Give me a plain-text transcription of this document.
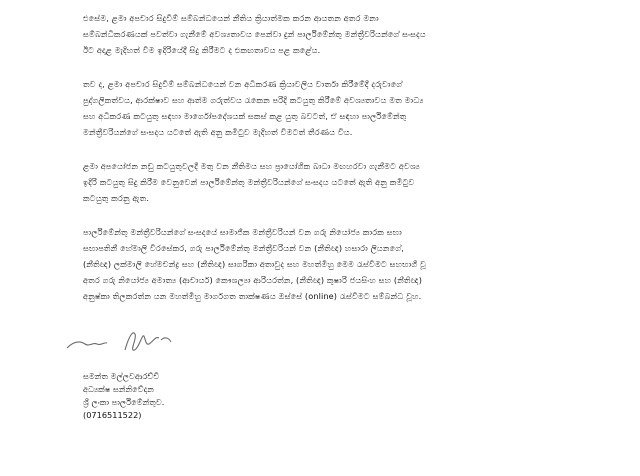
එසේම, ළමා අපචාර සිදුවීම් සම්බන්ධයෙන් නීතිය ක්‍රියාත්මක කරන ආයතන අතර මනා
සම්බන්ධීකරණයක් පවත්වා ගැනීමේ අවශ්‍යතාවය පෙන්වා දුන් පාර්ලිමේන්තු මන්ත්‍රීවරියන්ගේ සංසදය
ඊට අදාළ මැදිහත් වීම ඉදිරියේදී සිදු කිරීමට ද එකඟතාවය පළ කළේය.

තව ද, ළමා අපචාර සිදුවීම් සම්බන්ධයෙන් වන අධිකරණ ක්‍රියාවලිය වාර්තා කිරීමේදී දරුවාගේ
පුද්ගලිකත්වය, ආරක්ෂාව සහ ආත්ම ගරුත්වය රැකෙන පරිදි කටයුතු කිරීමේ අවශ්‍යතාවය මත මාධ්‍ය
සහ අධිකරණ කටයුතු සඳහා මාර්ගෝපදේශයක් සකස් කළ යුතු බවටත්, ඒ සඳහා පාර්ලිමේන්තු
මන්ත්‍රීවරියන්ගේ සංසදය යටතේ ඇති අනු කමිටුව මැදිහත් වීමටත් තීරණය විය.

ළමා අපයෝජන නඩු කටයුතුවලදී මතු වන නීතිමය සහ ප්‍රායෝගික බාධා මඟහරවා ගැනීමට අවශ්‍ය
ඉදිරි කටයුතු සිදු කිරීම වෙනුවෙන් පාර්ලිමේන්තු මන්ත්‍රීවරියන්ගේ සංසදය යටතේ ඇති අනු කමිටුව
කටයුතු කරනු ඇත.

පාර්ලිමේන්තු මන්ත්‍රීවරියන්ගේ සංසදයේ සාමාජික මන්ත්‍රීවරියන් වන ගරු නියෝජ්‍ය කාරක සභා
සභාපතිනී හේමාලි වීරසේකර, ගරු පාර්ලිමේන්තු මන්ත්‍රීවරියන් වන (නීතිඥ) හසාරා ලියනගේ,
(නීතිඥ) ලක්මාලි හේමචන්ද්‍ර සහ (නීතිඥ) සාගරිකා අතාවුද සහ මහත්මීහු මෙම රැස්වීමට සහභාගී වූ
අතර ගරු නියෝජ්‍ය අමාත්‍ය (ආචාර්ය) කෞශල්‍යා ආරියරත්න, (නීතිඥ) කුෂාරි ජයසිංහ සහ (නීතිඥ)
අනුෂ්කා තිලකරත්න යන මහත්මීහු මාර්ගගත තාක්ෂණය ඔස්සේ (online) රැස්වීමට සම්බන්ධ වූහ.

සමන්ත මල්ලවආරච්චි
අධ්‍යක්ෂ සන්නිවේදන
ශ්‍රී ලංකා පාර්ලිමේන්තුව.
(0716511522)
